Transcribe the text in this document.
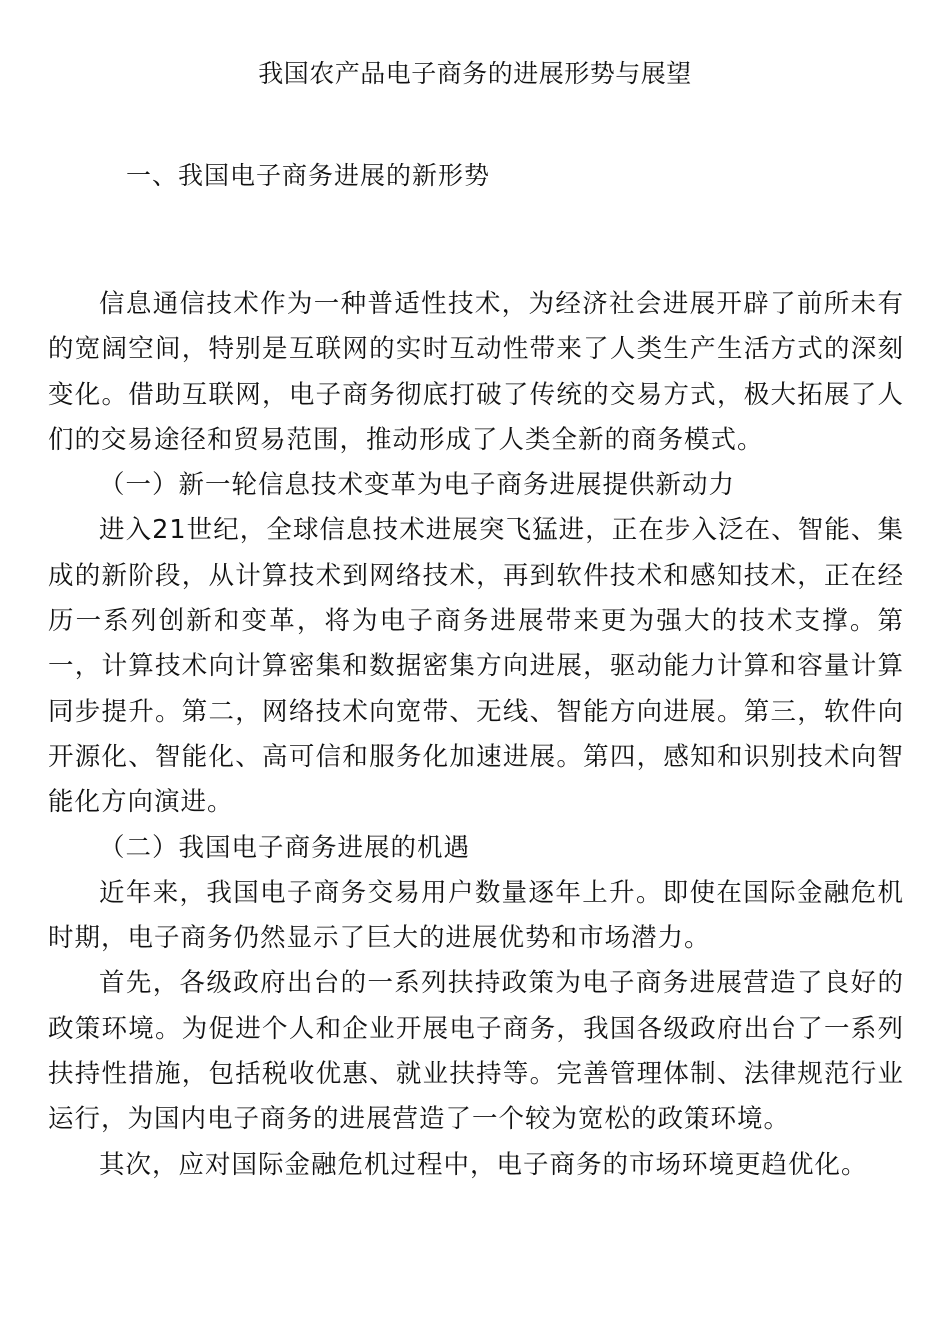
我国农产品电子商务的进展形势与展望
一、我国电子商务进展的新形势

信息通信技术作为一种普适性技术，为经济社会进展开辟了前所未有的宽阔空间，特别是互联网的实时互动性带来了人类生产生活方式的深刻变化。借助互联网，电子商务彻底打破了传统的交易方式，极大拓展了人们的交易途径和贸易范围，推动形成了人类全新的商务模式。

（一）新一轮信息技术变革为电子商务进展提供新动力

进入21世纪，全球信息技术进展突飞猛进，正在步入泛在、智能、集成的新阶段，从计算技术到网络技术，再到软件技术和感知技术，正在经历一系列创新和变革，将为电子商务进展带来更为强大的技术支撑。第一，计算技术向计算密集和数据密集方向进展，驱动能力计算和容量计算同步提升。第二，网络技术向宽带、无线、智能方向进展。第三，软件向开源化、智能化、高可信和服务化加速进展。第四，感知和识别技术向智能化方向演进。

（二）我国电子商务进展的机遇

近年来，我国电子商务交易用户数量逐年上升。即使在国际金融危机时期，电子商务仍然显示了巨大的进展优势和市场潜力。

首先，各级政府出台的一系列扶持政策为电子商务进展营造了良好的政策环境。为促进个人和企业开展电子商务，我国各级政府出台了一系列扶持性措施，包括税收优惠、就业扶持等。完善管理体制、法律规范行业运行，为国内电子商务的进展营造了一个较为宽松的政策环境。

其次，应对国际金融危机过程中，电子商务的市场环境更趋优化。
